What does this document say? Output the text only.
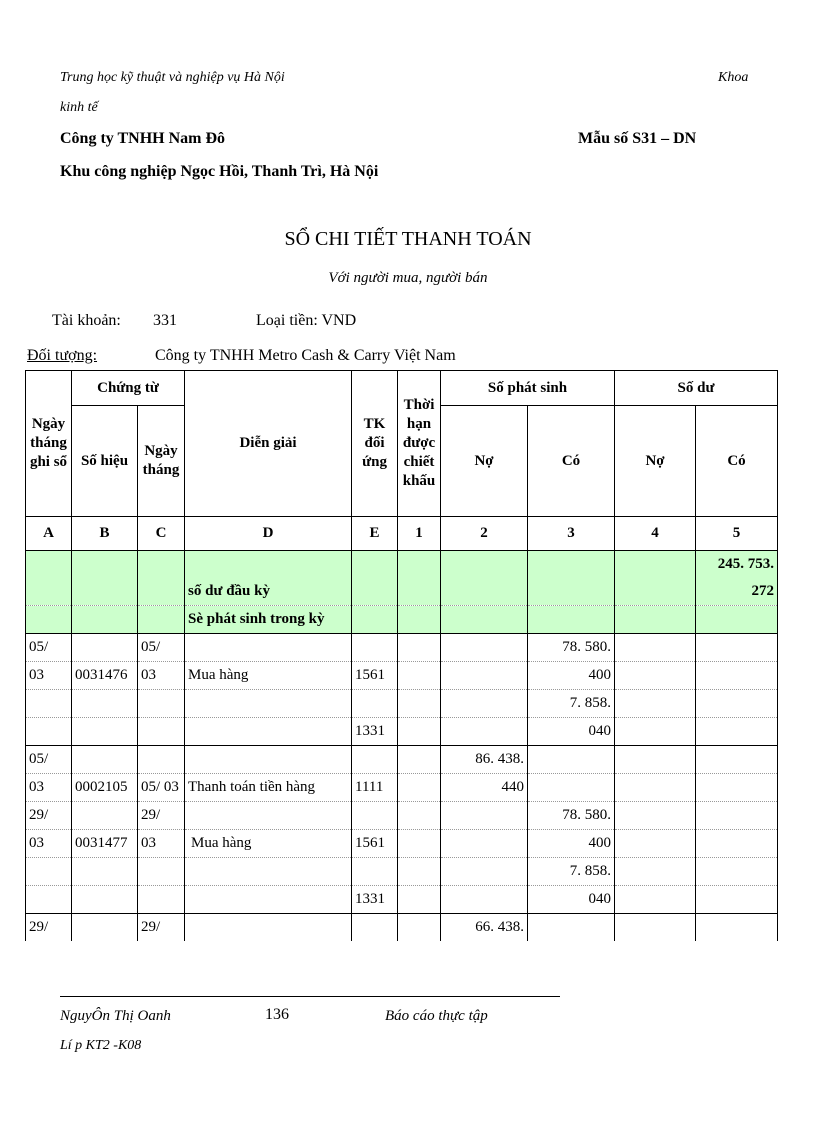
Trung học kỹ thuật và nghiệp vụ Hà Nội	Khoa
kinh tế
Công ty TNHH Nam Đô	Mẫu số S31 – DN
Khu công nghiệp Ngọc Hồi, Thanh Trì, Hà Nội
SỔ CHI TIẾT THANH TOÁN
Với người mua, người bán
Tài khoản: 331	Loại tiền: VND
Đối tượng:	Công ty TNHH Metro Cash & Carry Việt Nam
Ngày tháng ghi sổ	Chứng từ		Diễn giải	TK đối ứng	Thời hạn được chiết khấu	Số phát sinh		Số dư	
	Số hiệu	Ngày tháng				Nợ	Có	Nợ	Có
A	B	C	D	E	1	2	3	4	5
									245. 753.
			số dư đầu kỳ						272
			Sè phát sinh trong kỳ						
05/		05/					78. 580.		
03	0031476	03	Mua hàng	1561			400		
							7. 858.		
				1331			040		
05/						86. 438.			
03	0002105	05/ 03	Thanh toán tiền hàng	1111		440			
29/		29/					78. 580.		
03	0031477	03	Mua hàng	1561			400		
							7. 858.		
				1331			040		
29/		29/				66. 438.			
NguyÔn Thị Oanh	136	Báo cáo thực tập
Lí p KT2 -K08
